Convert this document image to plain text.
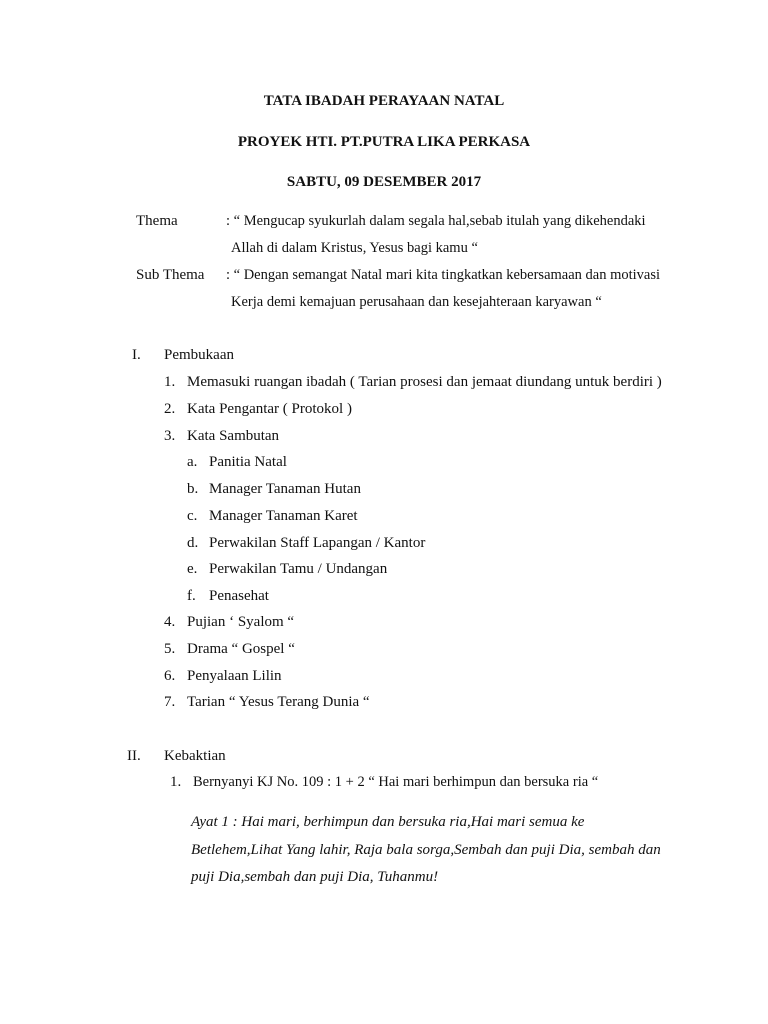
TATA IBADAH PERAYAAN NATAL
PROYEK HTI. PT.PUTRA LIKA PERKASA
SABTU, 09 DESEMBER 2017
Thema	: “ Mengucap syukurlah dalam segala hal,sebab itulah yang dikehendaki
Allah di dalam Kristus, Yesus bagi kamu “
Sub Thema : “ Dengan semangat Natal mari kita tingkatkan kebersamaan dan motivasi
Kerja demi kemajuan perusahaan dan kesejahteraan karyawan “
I. Pembukaan
1. Memasuki ruangan ibadah ( Tarian prosesi dan jemaat diundang untuk berdiri )
2. Kata Pengantar ( Protokol )
3. Kata Sambutan
a. Panitia Natal
b. Manager Tanaman Hutan
c. Manager Tanaman Karet
d. Perwakilan Staff Lapangan / Kantor
e. Perwakilan Tamu / Undangan
f. Penasehat
4. Pujian ‘ Syalom “
5. Drama “ Gospel “
6. Penyalaan Lilin
7. Tarian “ Yesus Terang Dunia “
II. Kebaktian
1. Bernyanyi KJ No. 109 : 1 + 2 “ Hai mari berhimpun dan bersuka ria “
Ayat 1 : Hai mari, berhimpun dan bersuka ria,Hai mari semua ke
Betlehem,Lihat Yang lahir, Raja bala sorga,Sembah dan puji Dia, sembah dan
puji Dia,sembah dan puji Dia, Tuhanmu!
